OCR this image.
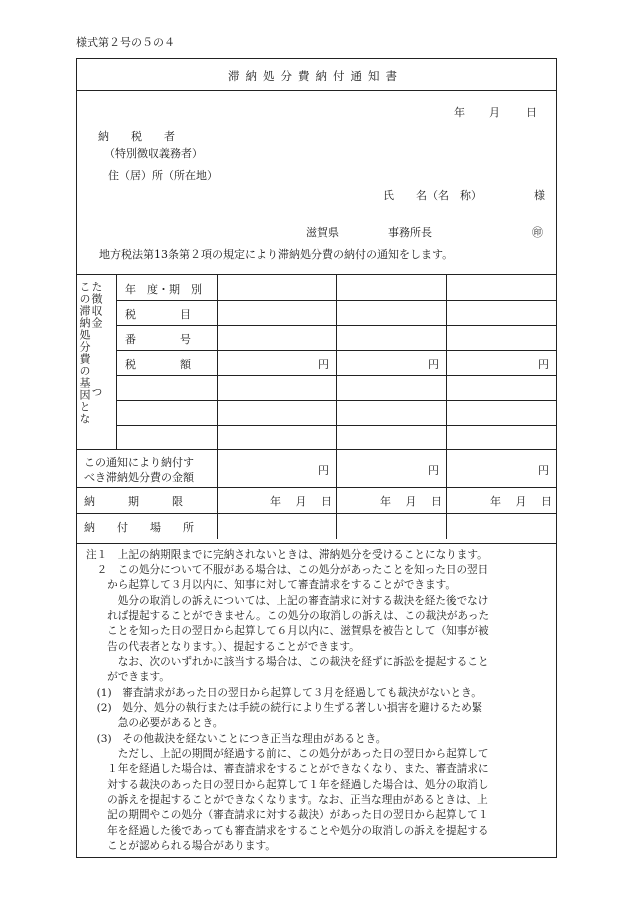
様式第２号の５の４
滞納処分費納付通知書
年 月 日
納　　税　　者
（特別徴収義務者）
住（居）所（所在地）
氏　　名（名　称）	様
滋賀県	事務所長	㊞
地方税法第13条第２項の規定により滞納処分費の納付の通知をします。
た徴収金
この滞納処分費の基因とな つ
年　度・期　別
税　　　　目
番　　　　号
税　　　　額	円	円	円
この通知により納付す
べき滞納処分費の金額
円	円	円
納　　　期　　　限	年　 月　 日	年　 月　 日	年　 月　 日
納　　付　　場　　所
注１　上記の納期限までに完納されないときは、滞納処分を受けることになります。
　２　この処分について不服がある場合は、この処分があったことを知った日の翌日
　　から起算して３月以内に、知事に対して審査請求をすることができます。
　　　処分の取消しの訴えについては、上記の審査請求に対する裁決を経た後でなけ
　　れば提起することができません。この処分の取消しの訴えは、この裁決があった
　　ことを知った日の翌日から起算して６月以内に、滋賀県を被告として（知事が被
　　告の代表者となります。）、提起することができます。
　　　なお、次のいずれかに該当する場合は、この裁決を経ずに訴訟を提起すること
　　ができます。
　(1)　審査請求があった日の翌日から起算して３月を経過しても裁決がないとき。
　(2)　処分、処分の執行または手続の続行により生ずる著しい損害を避けるため緊
　　　急の必要があるとき。
　(3)　その他裁決を経ないことにつき正当な理由があるとき。
　　　ただし、上記の期間が経過する前に、この処分があった日の翌日から起算して
　　１年を経過した場合は、審査請求をすることができなくなり、また、審査請求に
　　対する裁決のあった日の翌日から起算して１年を経過した場合は、処分の取消し
　　の訴えを提起することができなくなります。なお、正当な理由があるときは、上
　　記の期間やこの処分（審査請求に対する裁決）があった日の翌日から起算して１
　　年を経過した後であっても審査請求をすることや処分の取消しの訴えを提起する
　　ことが認められる場合があります。
